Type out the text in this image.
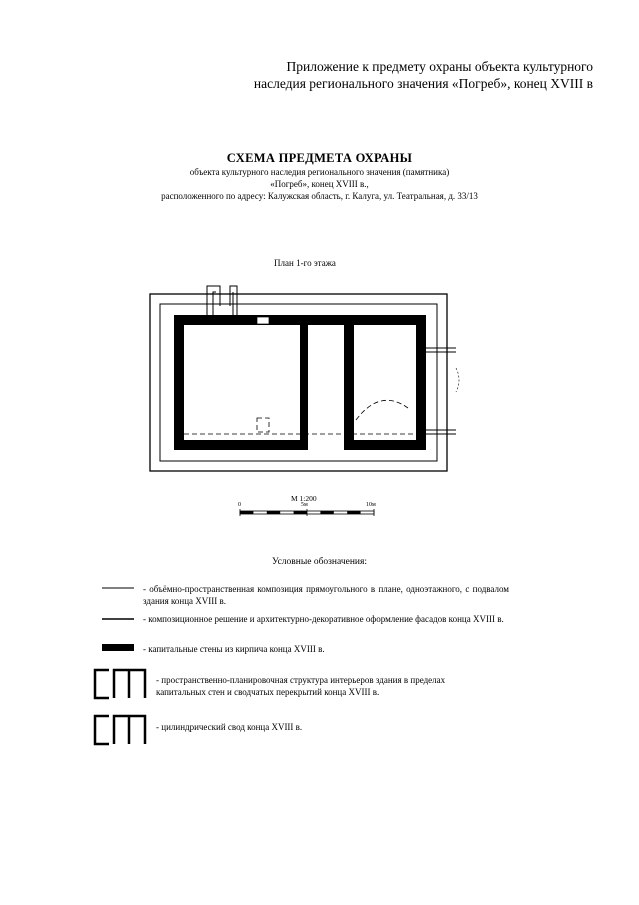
Приложение к предмету охраны объекта культурного
наследия регионального значения «Погреб», конец XVIII в
СХЕМА ПРЕДМЕТА ОХРАНЫ
объекта культурного наследия регионального значения (памятника)
«Погреб», конец XVIII в.,
расположенного по адресу: Калужская область, г. Калуга, ул. Театральная, д. 33/13
План 1-го этажа
М 1:200
0	5м	10м
Условные обозначения:
- объёмно-пространственная композиция прямоугольного в плане, одноэтажного, с подвалом здания конца XVIII в.
- композиционное решение и архитектурно-декоративное оформление фасадов конца XVIII в.
- капитальные стены из кирпича конца XVIII в.
- пространственно-планировочная структура интерьеров здания в пределах капитальных стен и сводчатых перекрытий конца XVIII в.
- цилиндрический свод конца XVIII в.
